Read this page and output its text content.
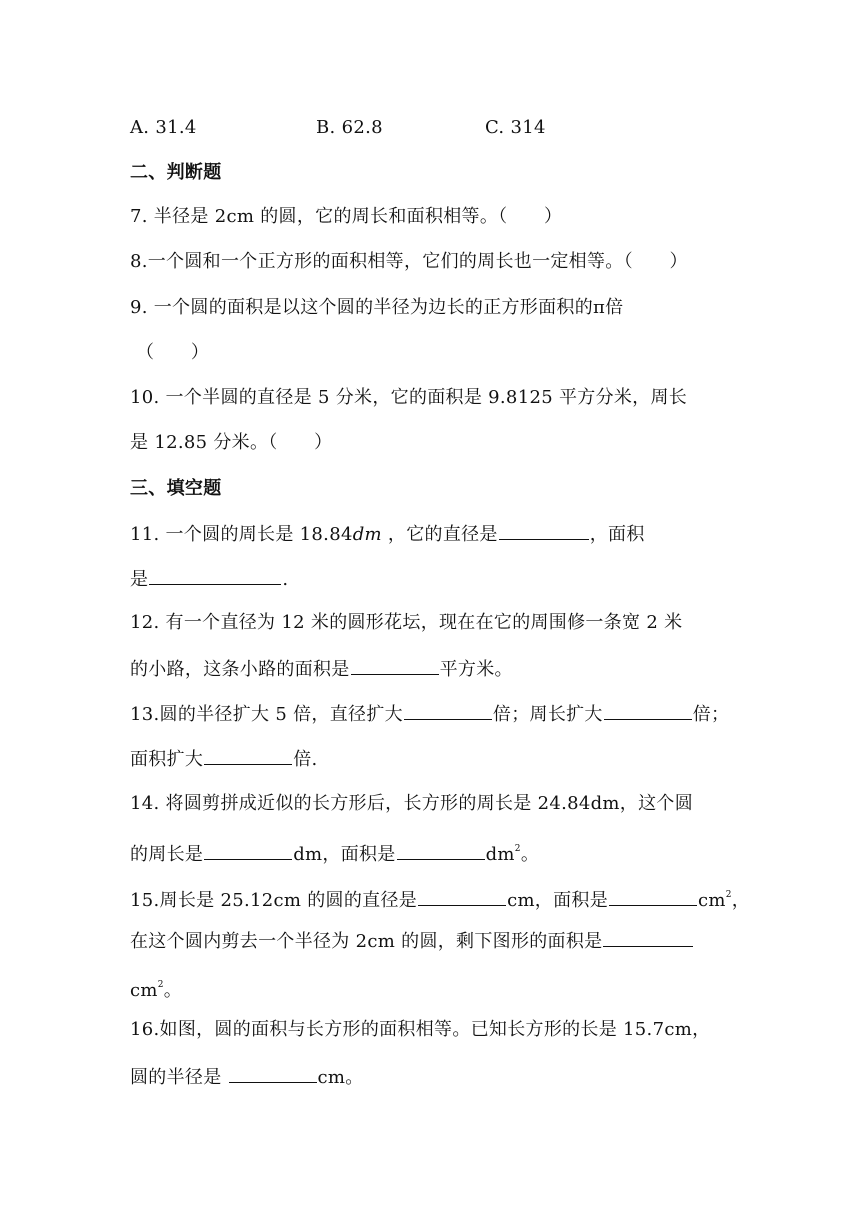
A. 31.4	B. 62.8	C. 314
二、判断题
7. 半径是 2cm 的圆，它的周长和面积相等。（　　）
8.一个圆和一个正方形的面积相等，它们的周长也一定相等。（　　）
9. 一个圆的面积是以这个圆的半径为边长的正方形面积的π倍
（　　）
10. 一个半圆的直径是 5 分米，它的面积是 9.8125 平方分米，周长
是 12.85 分米。（　　）
三、填空题
11. 一个圆的周长是 18.84dm ，它的直径是	，面积
是	.
12. 有一个直径为 12 米的圆形花坛，现在在它的周围修一条宽 2 米
的小路，这条小路的面积是	平方米。
13.圆的半径扩大 5 倍，直径扩大	倍；周长扩大	倍；
面积扩大	倍.
14. 将圆剪拼成近似的长方形后，长方形的周长是 24.84dm，这个圆
的周长是	dm，面积是	$dm^2$。
15.周长是 25.12cm 的圆的直径是	cm，面积是	$cm^2$，
在这个圆内剪去一个半径为 2cm 的圆，剩下图形的面积是
$cm^2$。
16.如图，圆的面积与长方形的面积相等。已知长方形的长是 15.7cm，
圆的半径是	cm。
